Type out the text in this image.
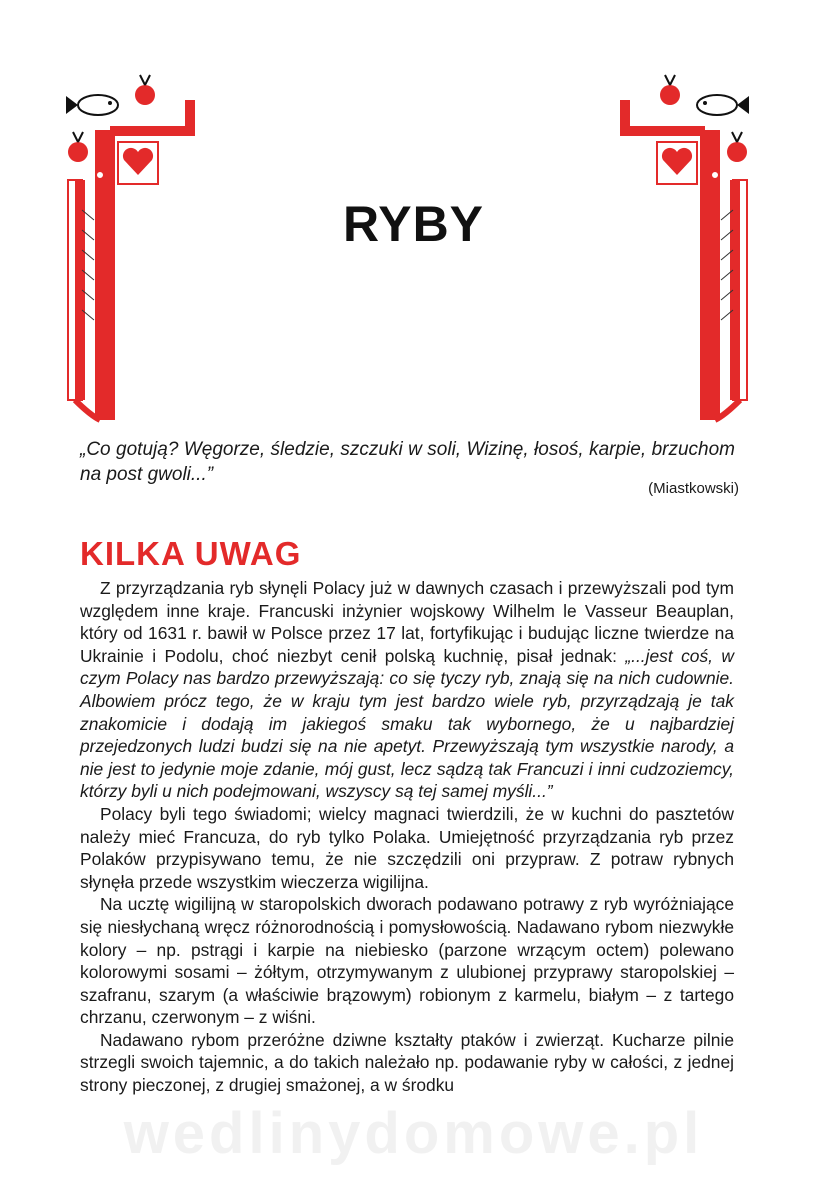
RYBY

„Co gotują? Węgorze, śledzie, szczuki w soli, Wizinę, łosoś, karpie, brzuchom na post gwoli...”

(Miastkowski)

KILKA UWAG

Z przyrządzania ryb słynęli Polacy już w dawnych czasach i przewyższali pod tym względem inne kraje. Francuski inżynier wojskowy Wilhelm le Vasseur Beauplan, który od 1631 r. bawił w Polsce przez 17 lat, fortyfikując i budując liczne twierdze na Ukrainie i Podolu, choć niezbyt cenił polską kuchnię, pisał jednak: „...jest coś, w czym Polacy nas bardzo przewyższają: co się tyczy ryb, znają się na nich cudownie. Albowiem prócz tego, że w kraju tym jest bardzo wiele ryb, przyrządzają je tak znakomicie i dodają im jakiegoś smaku tak wybornego, że u najbardziej przejedzonych ludzi budzi się na nie apetyt. Przewyższają tym wszystkie narody, a nie jest to jedynie moje zdanie, mój gust, lecz sądzą tak Francuzi i inni cudzoziemcy, którzy byli u nich podejmowani, wszyscy są tej samej myśli...”

Polacy byli tego świadomi; wielcy magnaci twierdzili, że w kuchni do pasztetów należy mieć Francuza, do ryb tylko Polaka. Umiejętność przyrządzania ryb przez Polaków przypisywano temu, że nie szczędzili oni przypraw. Z potraw rybnych słynęła przede wszystkim wieczerza wigilijna.

Na ucztę wigilijną w staropolskich dworach podawano potrawy z ryb wyróżniające się niesłychaną wręcz różnorodnością i pomysłowością. Nadawano rybom niezwykłe kolory – np. pstrągi i karpie na niebiesko (parzone wrzącym octem) polewano kolorowymi sosami – żółtym, otrzymywanym z ulubionej przyprawy staropolskiej – szafranu, szarym (a właściwie brązowym) robionym z karmelu, białym – z tartego chrzanu, czerwonym – z wiśni.

Nadawano rybom przeróżne dziwne kształty ptaków i zwierząt. Kucharze pilnie strzegli swoich tajemnic, a do takich należało np. podawanie ryby w całości, z jednej strony pieczonej, z drugiej smażonej, a w środku

wedlinydomowe.pl
